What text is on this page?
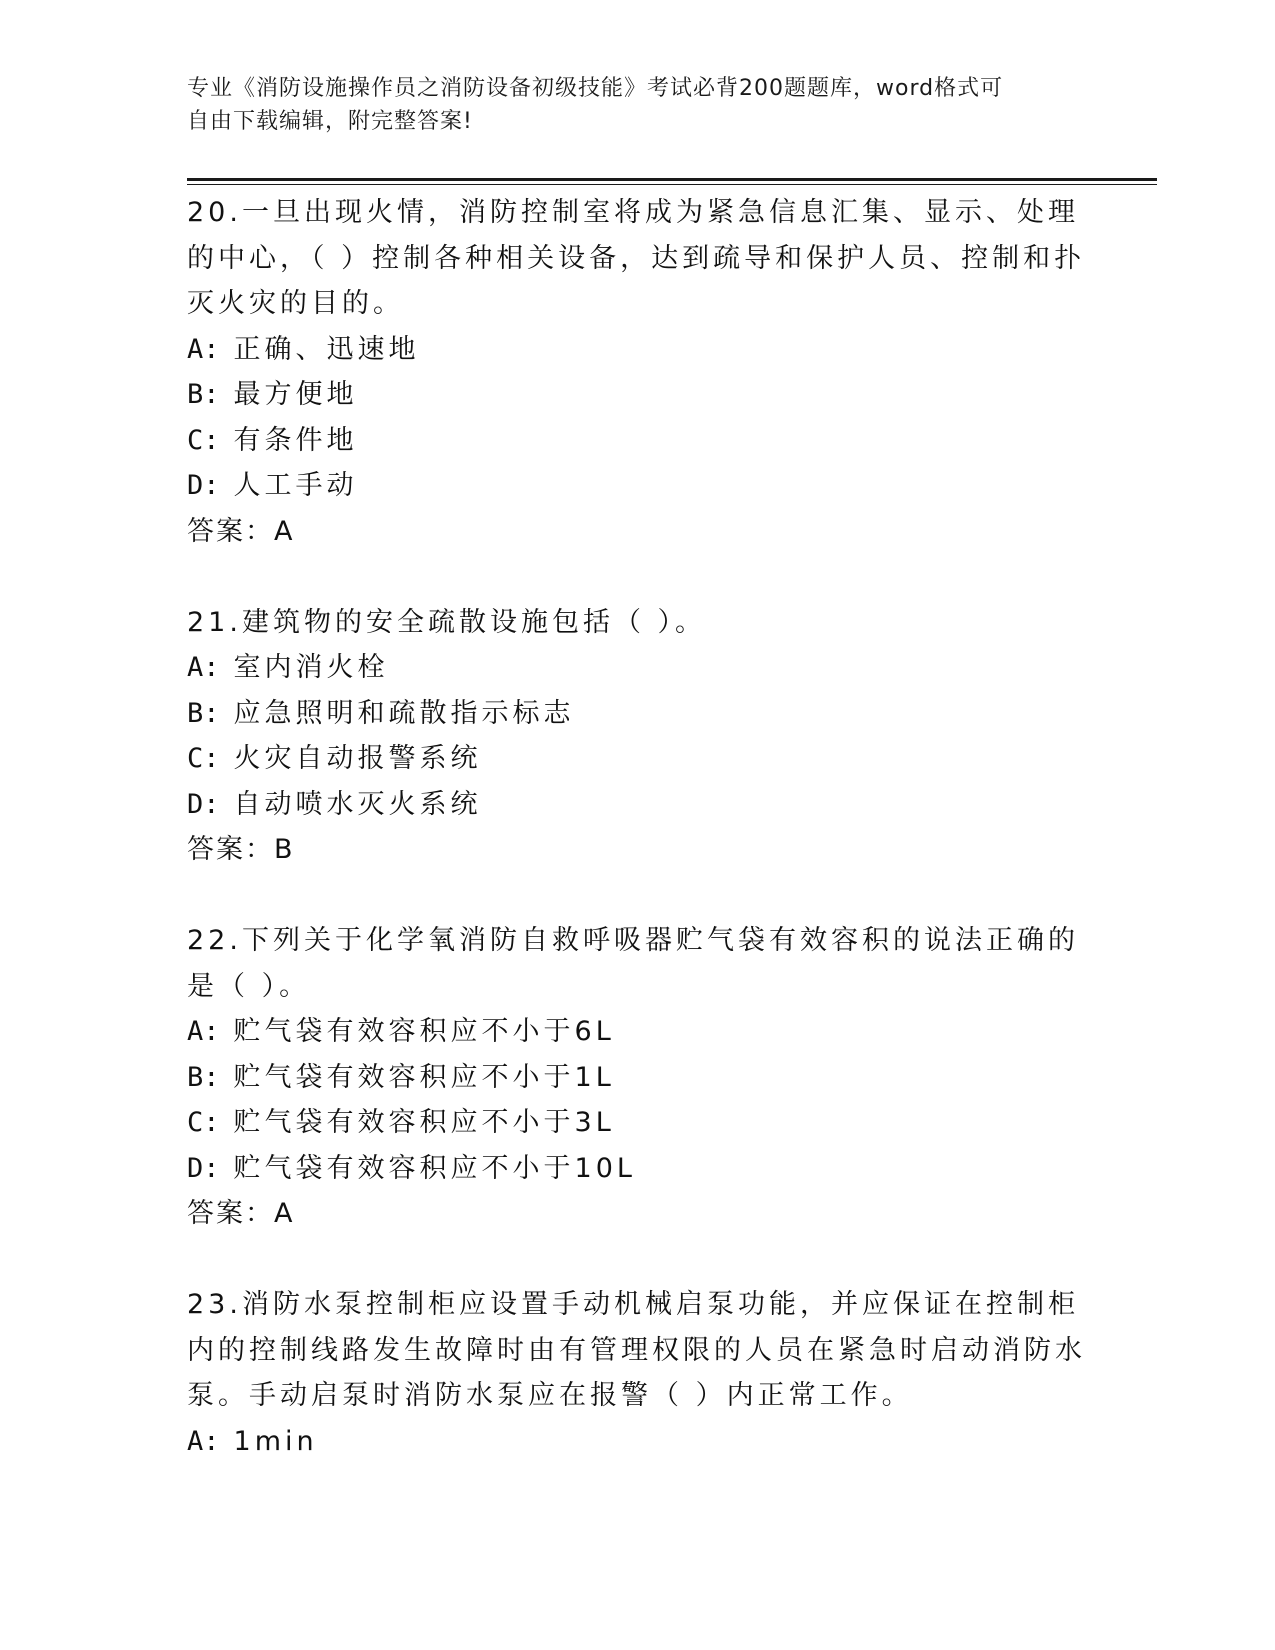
专业《消防设施操作员之消防设备初级技能》考试必背200题题库，word格式可
自由下载编辑，附完整答案!
20.一旦出现火情，消防控制室将成为紧急信息汇集、显示、处理的中心，（ ）控制各种相关设备，达到疏导和保护人员、控制和扑灭火灾的目的。
A: 正确、迅速地
B: 最方便地
C: 有条件地
D: 人工手动
答案：A
21.建筑物的安全疏散设施包括（ ）。
A: 室内消火栓
B: 应急照明和疏散指示标志
C: 火灾自动报警系统
D: 自动喷水灭火系统
答案：B
22.下列关于化学氧消防自救呼吸器贮气袋有效容积的说法正确的是（ ）。
A: 贮气袋有效容积应不小于6L
B: 贮气袋有效容积应不小于1L
C: 贮气袋有效容积应不小于3L
D: 贮气袋有效容积应不小于10L
答案：A
23.消防水泵控制柜应设置手动机械启泵功能，并应保证在控制柜内的控制线路发生故障时由有管理权限的人员在紧急时启动消防水泵。手动启泵时消防水泵应在报警（ ）内正常工作。
A: 1min
